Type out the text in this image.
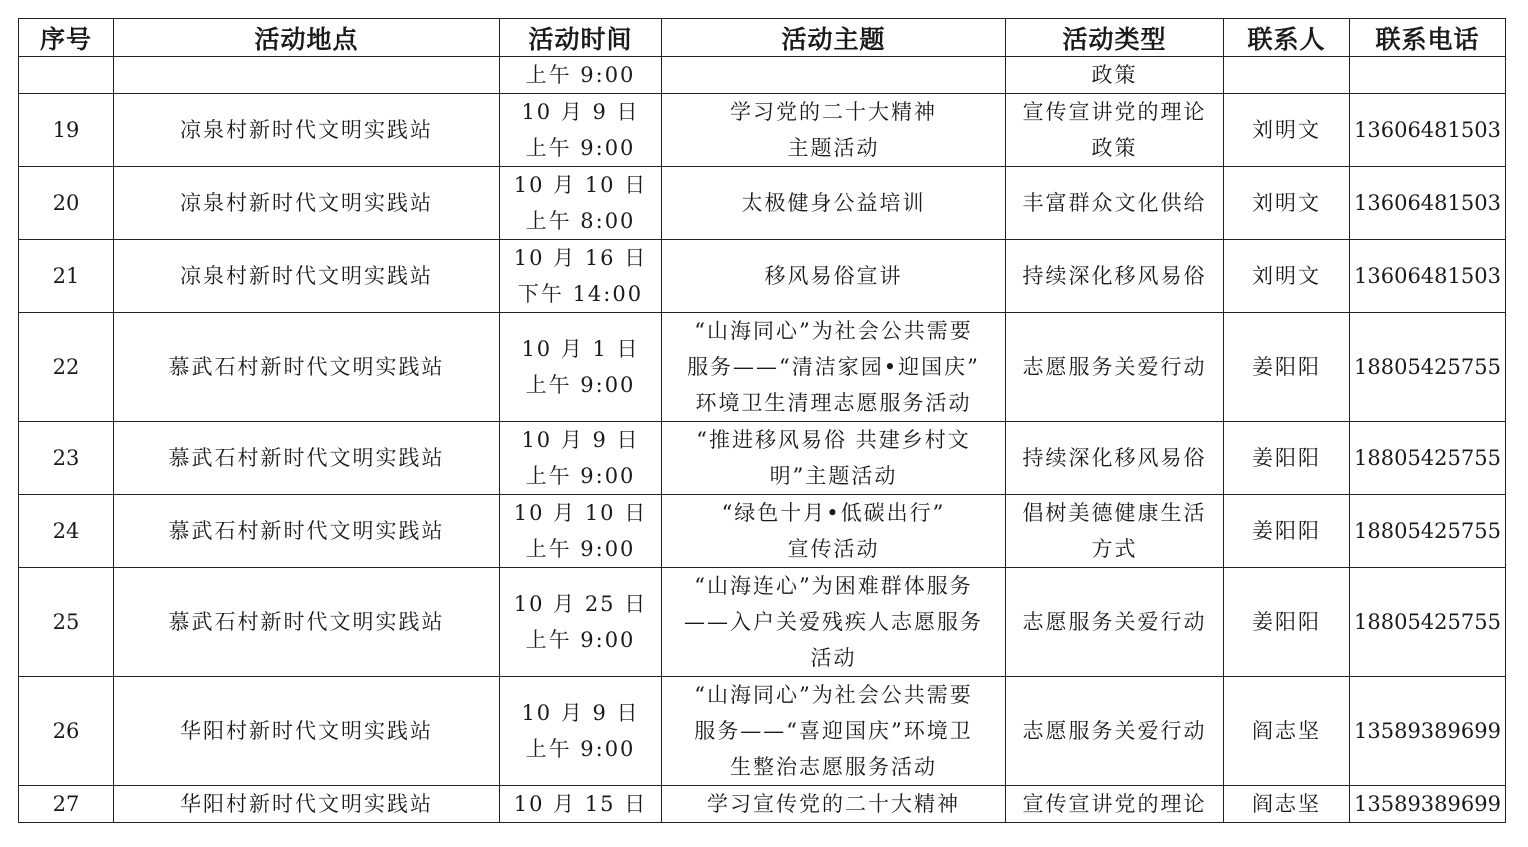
序号	活动地点	活动时间	活动主题	活动类型	联系人	联系电话

		上午 9:00		政策		

19	凉泉村新时代文明实践站	10 月 9 日
上午 9:00	学习党的二十大精神
主题活动	宣传宣讲党的理论
政策	刘明文	13606481503
20	凉泉村新时代文明实践站	10 月 10 日
上午 8:00	太极健身公益培训	丰富群众文化供给	刘明文	13606481503
21	凉泉村新时代文明实践站	10 月 16 日
下午 14:00	移风易俗宣讲	持续深化移风易俗	刘明文	13606481503
22	慕武石村新时代文明实践站	10 月 1 日
上午 9:00	“山海同心”为社会公共需要
服务——“清洁家园•迎国庆”
环境卫生清理志愿服务活动	志愿服务关爱行动	姜阳阳	18805425755
23	慕武石村新时代文明实践站	10 月 9 日
上午 9:00	“推进移风易俗 共建乡村文
明”主题活动	持续深化移风易俗	姜阳阳	18805425755
24	慕武石村新时代文明实践站	10 月 10 日
上午 9:00	“绿色十月•低碳出行”
宣传活动	倡树美德健康生活
方式	姜阳阳	18805425755
25	慕武石村新时代文明实践站	10 月 25 日
上午 9:00	“山海连心”为困难群体服务
——入户关爱残疾人志愿服务
活动	志愿服务关爱行动	姜阳阳	18805425755
26	华阳村新时代文明实践站	10 月 9 日
上午 9:00	“山海同心”为社会公共需要
服务——“喜迎国庆”环境卫
生整治志愿服务活动	志愿服务关爱行动	阎志坚	13589389699
27	华阳村新时代文明实践站	10 月 15 日	学习宣传党的二十大精神	宣传宣讲党的理论	阎志坚	13589389699
